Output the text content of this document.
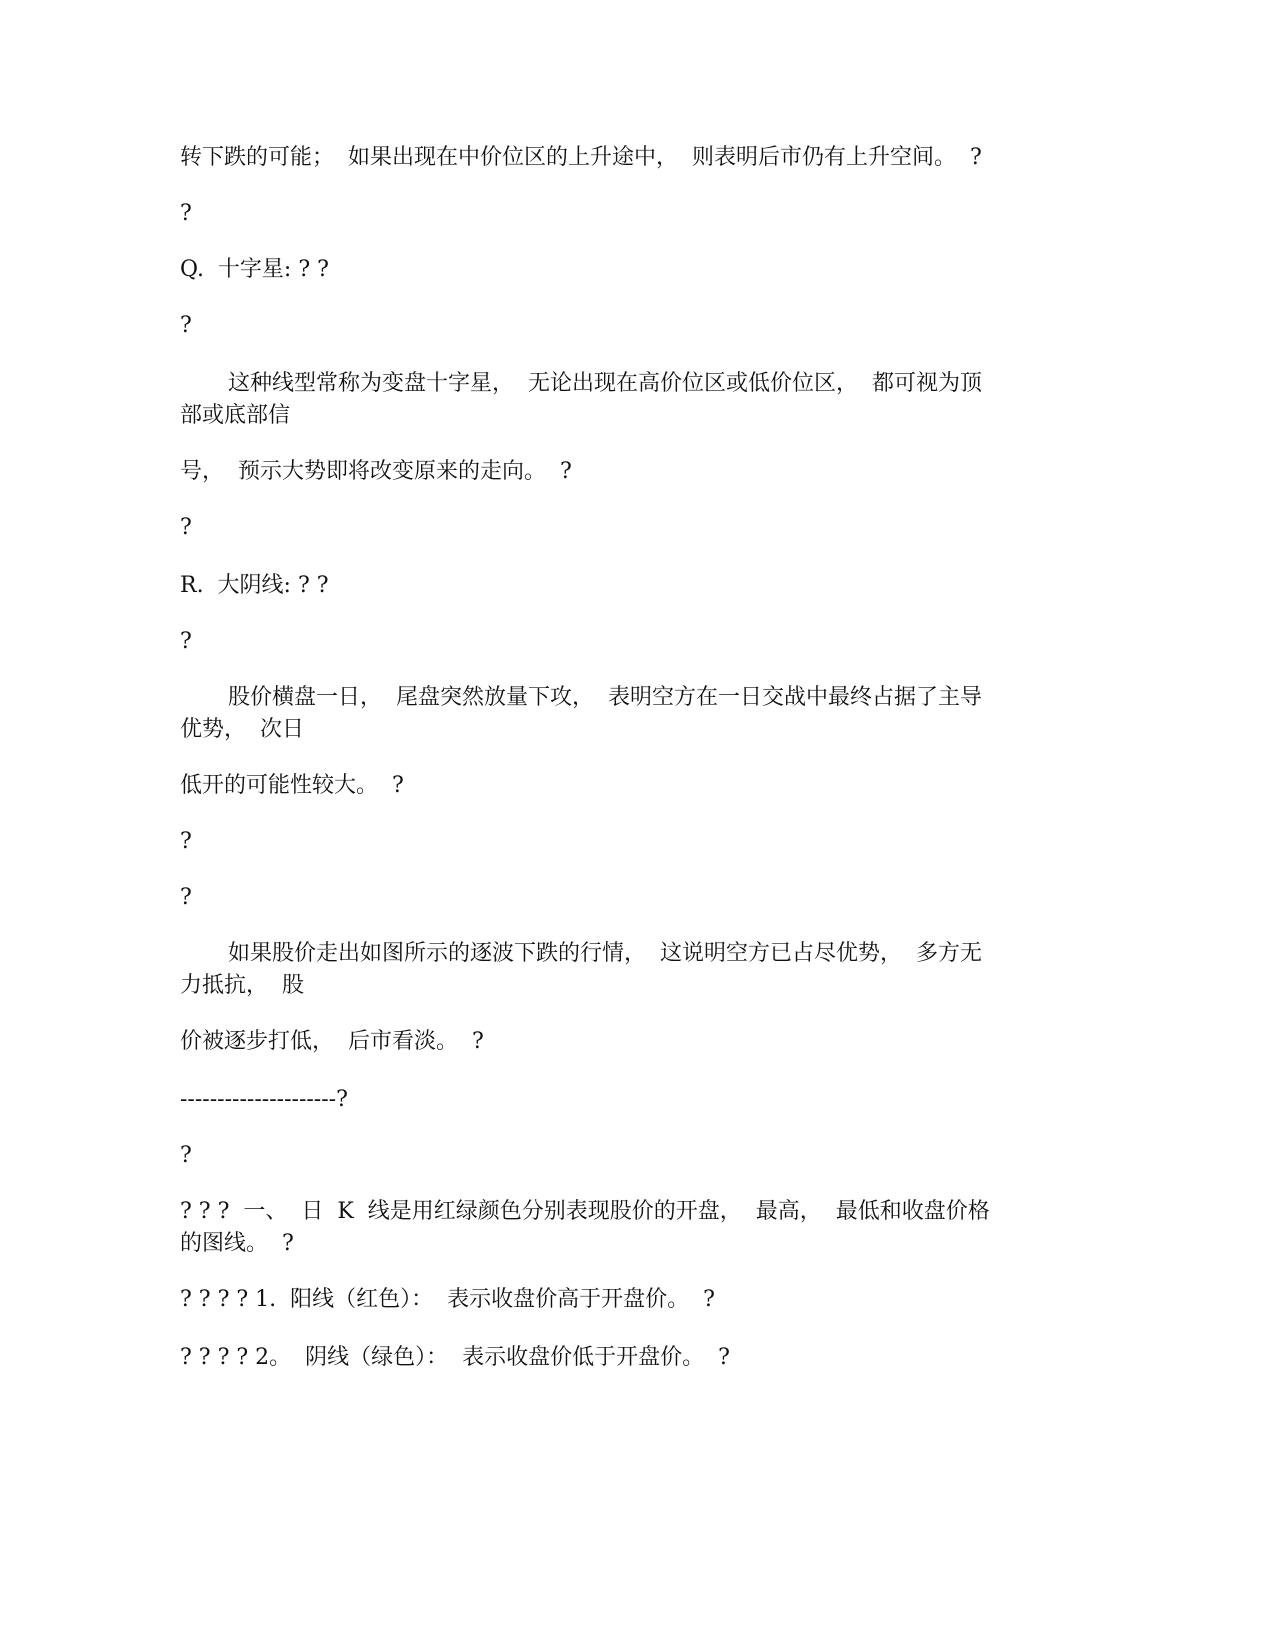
转下跌的可能；  如果出现在中价位区的上升途中，  则表明后市仍有上升空间。  ?
?
Q.  十字星: ? ?
?
这种线型常称为变盘十字星，  无论出现在高价位区或低价位区，  都可视为顶
部或底部信
号，  预示大势即将改变原来的走向。  ?
?
R.  大阴线: ? ?
?
股价横盘一日，  尾盘突然放量下攻，  表明空方在一日交战中最终占据了主导
优势，  次日
低开的可能性较大。  ?
?
?
如果股价走出如图所示的逐波下跌的行情，  这说明空方已占尽优势，  多方无
力抵抗，  股
价被逐步打低，  后市看淡。  ?
---------------------?
?
? ? ?  一、  日  K  线是用红绿颜色分别表现股价的开盘，  最高，  最低和收盘价格
的图线。  ?
? ? ? ? 1.  阳线（红色）：  表示收盘价高于开盘价。  ?
? ? ? ? 2。  阴线（绿色）：  表示收盘价低于开盘价。  ?
